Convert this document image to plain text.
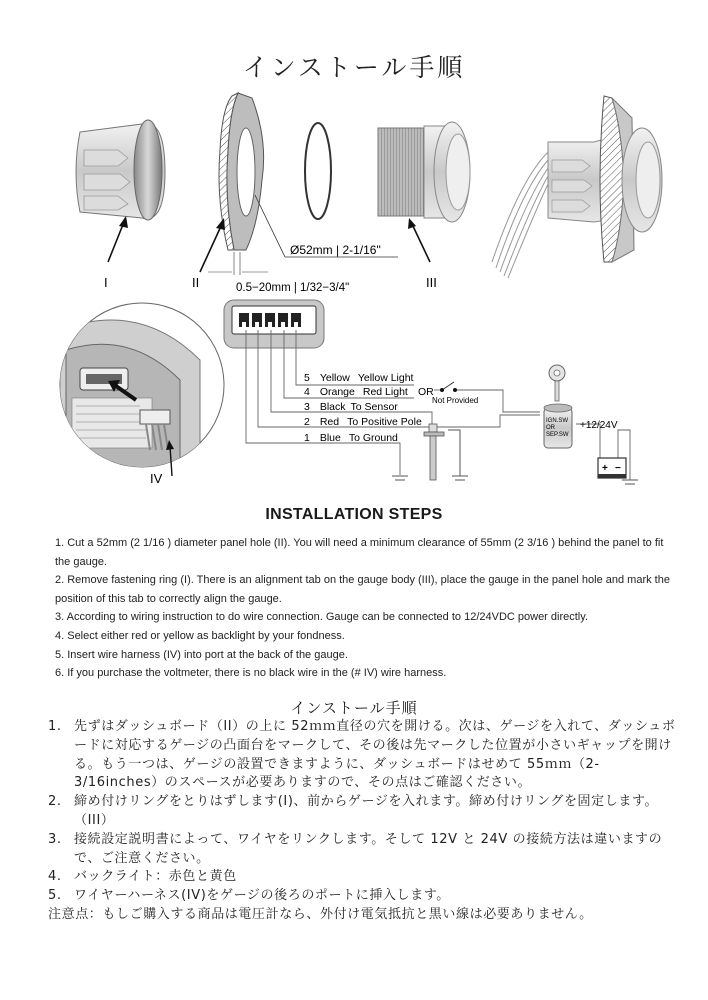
インストール手順
I	II
Ø52mm | 2-1/16"
0.5−20mm | 1/32−3/4"	III
IV
IGN.SW
OR
SEP.SW
+12/24V
+ −
5 Yellow Yellow Light
4 Orange Red Light
3 Black To Sensor
2 Red To Positive Pole
1 Blue To Ground
OR
Not Provided
INSTALLATION STEPS

1. Cut a 52mm (2 1/16 ) diameter panel hole (II). You will need a minimum clearance of 55mm (2 3/16 ) behind the panel to fit the gauge.

2. Remove fastening ring (I). There is an alignment tab on the gauge body (III), place the gauge in the panel hole and mark the position of this tab to correctly align the gauge.

3. According to wiring instruction to do wire connection. Gauge can be connected to 12/24VDC power directly.

4. Select either red or yellow as backlight by your fondness.

5. Insert wire harness (IV) into port at the back of the gauge.

6. If you purchase the voltmeter, there is no black wire in the (# IV) wire harness.

インストール手順
1. 先ずはダッシュボード（II）の上に 52ｍｍ直径の穴を開ける。次は、ゲージを入れて、ダッシュボードに対応するゲージの凸面台をマークして、その後は先マークした位置が小さいギャップを開ける。もう一つは、ゲージの設置できますように、ダッシュボードはせめて 55ｍｍ（2-3/16inches）のスペースが必要ありますので、その点はご確認ください。
2. 締め付けリングをとりはずします(I)、前からゲージを入れます。締め付けリングを固定します。（III）
3. 接続設定説明書によって、ワイヤをリンクします。そして 12V と 24V の接続方法は違いますので、ご注意ください。
4. バックライト：赤色と黄色
5. ワイヤーハーネス(IV)をゲージの後ろのポートに挿入します。
注意点：もしご購入する商品は電圧計なら、外付け電気抵抗と黒い線は必要ありません。
